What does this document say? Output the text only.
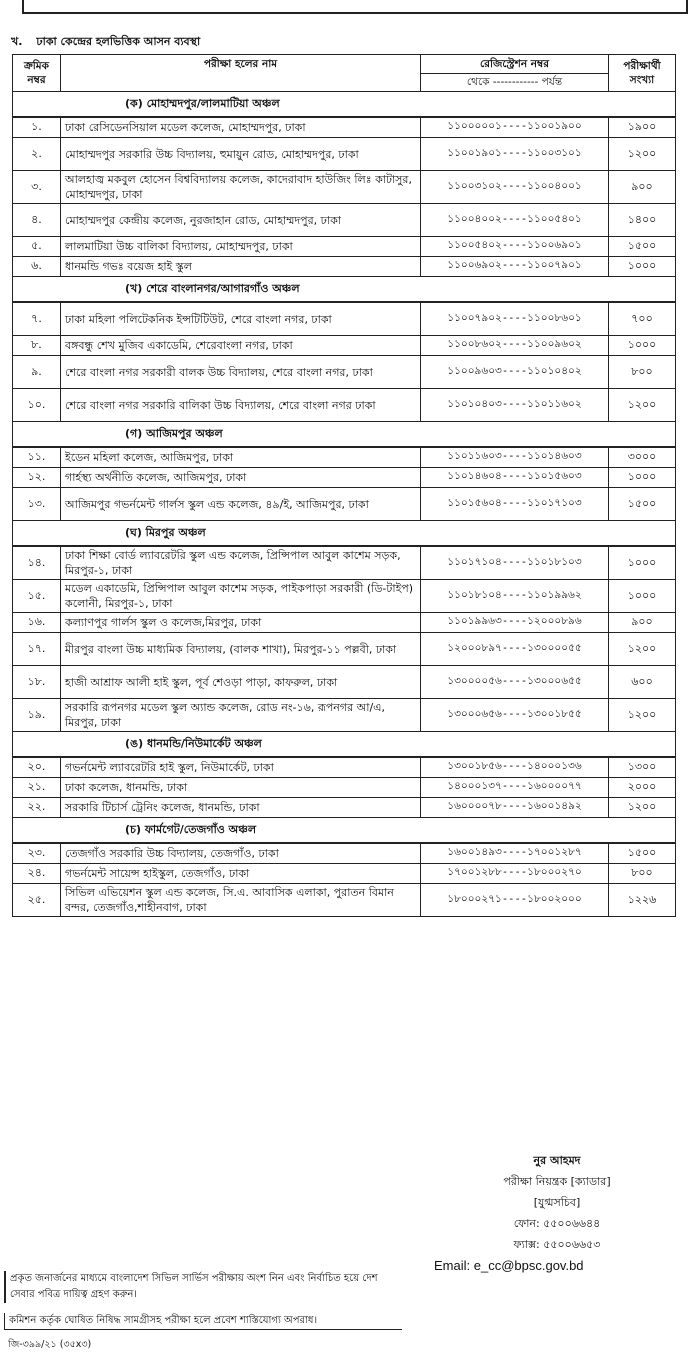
খ. ঢাকা কেন্দ্রের হলভিত্তিক আসন ব্যবস্থা
ক্রমিক নম্বর	পরীক্ষা হলের নাম	রেজিস্ট্রেশন নম্বর	পরীক্ষার্থী সংখ্যা
		থেকে ------------ পর্যন্ত	
(ক) মোহাম্মদপুর/লালমাটিয়া অঞ্চল			
১.	ঢাকা রেসিডেনসিয়াল মডেল কলেজ, মোহাম্মদপুর, ঢাকা	১১০০০০০১----১১০০১৯০০	১৯০০
২.	মোহাম্মদপুর সরকারি উচ্চ বিদ্যালয়, হুমায়ুন রোড, মোহাম্মদপুর, ঢাকা	১১০০১৯০১----১১০০৩১০১	১২০০
৩.	আলহাজ্ব মকবুল হোসেন বিশ্ববিদ্যালয় কলেজ, কাদেরাবাদ হাউজিং লিঃ কাটাসুর, মোহাম্মদপুর, ঢাকা	১১০০৩১০২----১১০০৪০০১	৯০০
৪.	মোহাম্মদপুর কেন্দ্রীয় কলেজ, নুরজাহান রোড, মোহাম্মদপুর, ঢাকা	১১০০৪০০২----১১০০৫৪০১	১৪০০
৫.	লালমাটিয়া উচ্চ বালিকা বিদ্যালয়, মোহাম্মদপুর, ঢাকা	১১০০৫৪০২----১১০০৬৯০১	১৫০০
৬.	ধানমন্ডি গভঃ বয়েজ হাই স্কুল	১১০০৬৯০২----১১০০৭৯০১	১০০০
(খ) শেরে বাংলানগর/আগারগাঁও অঞ্চল			
৭.	ঢাকা মহিলা পলিটেকনিক ইন্সটিটিউট, শেরে বাংলা নগর, ঢাকা	১১০০৭৯০২----১১০০৮৬০১	৭০০
৮.	বঙ্গবন্ধু শেখ মুজিব একাডেমি, শেরেবাংলা নগর, ঢাকা	১১০০৮৬০২----১১০০৯৬০২	১০০০
৯.	শেরে বাংলা নগর সরকারী বালক উচ্চ বিদ্যালয়, শেরে বাংলা নগর, ঢাকা	১১০০৯৬০৩----১১০১০৪০২	৮০০
১০.	শেরে বাংলা নগর সরকারি বালিকা উচ্চ বিদ্যালয়, শেরে বাংলা নগর ঢাকা	১১০১০৪০৩----১১০১১৬০২	১২০০
(গ) আজিমপুর অঞ্চল			
১১.	ইডেন মহিলা কলেজ, আজিমপুর, ঢাকা	১১০১১৬০৩----১১০১৪৬০৩	৩০০০
১২.	গার্হস্থ্য অর্থনীতি কলেজ, আজিমপুর, ঢাকা	১১০১৪৬০৪----১১০১৫৬০৩	১০০০
১৩.	আজিমপুর গভর্নমেন্ট গার্লস স্কুল এন্ড কলেজ, ৪৯/ই, আজিমপুর, ঢাকা	১১০১৫৬০৪----১১০১৭১০৩	১৫০০
(ঘ) মিরপুর অঞ্চল			
১৪.	ঢাকা শিক্ষা বোর্ড ল্যাবরেটরি স্কুল এন্ড কলেজ, প্রিন্সিপাল আবুল কাশেম সড়ক, মিরপুর-১, ঢাকা	১১০১৭১০৪----১১০১৮১০৩	১০০০
১৫.	মডেল একাডেমি, প্রিন্সিপাল আবুল কাশেম সড়ক, পাইকপাড়া সরকারী (ডি-টাইপ) কলোনী, মিরপুর-১, ঢাকা	১১০১৮১০৪----১১০১৯৯৬২	১০০০
১৬.	কল্যাণপুর গার্লস স্কুল ও কলেজ,মিরপুর, ঢাকা	১১০১৯৯৬৩----১২০০০৮৯৬	৯০০
১৭.	মীরপুর বাংলা উচ্চ মাধ্যমিক বিদ্যালয়, (বালক শাখা), মিরপুর-১১ পল্লবী, ঢাকা	১২০০০৮৯৭----১৩০০০০৫৫	১২০০
১৮.	হাজী আশ্রাফ আলী হাই স্কুল, পূর্ব শেওড়া পাড়া, কাফরুল, ঢাকা	১৩০০০০৫৬----১৩০০০৬৫৫	৬০০
১৯.	সরকারি রূপনগর মডেল স্কুল অ্যান্ড কলেজ, রোড নং-১৬, রূপনগর আ/এ, মিরপুর, ঢাকা	১৩০০০৬৫৬----১৩০০১৮৫৫	১২০০
(ঙ) ধানমন্ডি/নিউমার্কেট অঞ্চল			
২০.	গভর্নমেন্ট ল্যাবরেটরি হাই স্কুল, নিউমার্কেট, ঢাকা	১৩০০১৮৫৬----১৪০০০১৩৬	১৩০০
২১.	ঢাকা কলেজ, ধানমন্ডি, ঢাকা	১৪০০০১৩৭----১৬০০০০৭৭	২০০০
২২.	সরকারি টিচার্স ট্রেনিং কলেজ, ধানমন্ডি, ঢাকা	১৬০০০০৭৮----১৬০০১৪৯২	১২০০
(চ) ফার্মগেট/তেজগাঁও অঞ্চল			
২৩.	তেজগাঁও সরকারি উচ্চ বিদ্যালয়, তেজগাঁও, ঢাকা	১৬০০১৪৯৩----১৭০০১২৮৭	১৫০০
২৪.	গভর্নমেন্ট সায়েন্স হাইস্কুল, তেজগাঁও, ঢাকা	১৭০০১২৮৮----১৮০০০২৭০	৮০০
২৫.	সিভিল এভিয়েশন স্কুল এন্ড কলেজ, সি.এ. আবাসিক এলাকা, পুরাতন বিমান বন্দর, তেজগাঁও,শাহীনবাগ, ঢাকা	১৮০০০২৭১----১৮০০২০০০	১২২৬
নুর আহমদ
পরীক্ষা নিয়ন্ত্রক [ক্যাডার]
[যুগ্মসচিব]
ফোন: ৫৫০০৬৬৪৪
ফ্যাক্স: ৫৫০০৬৬৫৩
Email: e_cc@bpsc.gov.bd
প্রকৃত জনার্জনের মাধ্যমে বাংলাদেশ সিভিল সার্ভিস পরীক্ষায় অংশ নিন এবং নির্বাচিত হয়ে দেশ সেবার পবিত্র দায়িত্ব গ্রহণ করুন।
কমিশন কর্তৃক ঘোষিত নিষিদ্ধ সামগ্রীসহ পরীক্ষা হলে প্রবেশ শাস্তিযোগ্য অপরাধ।
জি-৩৯৯/২১ (৩৫x৩)
